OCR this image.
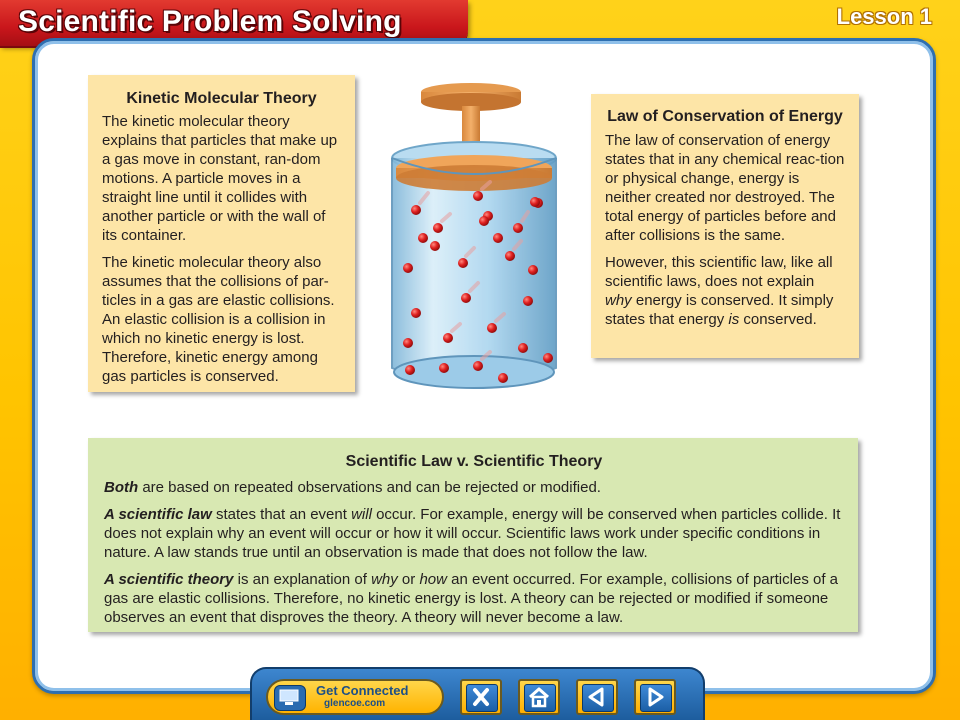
Scientific Problem Solving	Lesson 1
Kinetic Molecular Theory

The kinetic molecular theory explains that particles that make up a gas move in constant, ran-dom motions. A particle moves in a straight line until it collides with another particle or with the wall of its container.

The kinetic molecular theory also assumes that the collisions of par-ticles in a gas are elastic collisions. An elastic collision is a collision in which no kinetic energy is lost. Therefore, kinetic energy among gas particles is conserved.

Law of Conservation of Energy

The law of conservation of energy states that in any chemical reac-tion or physical change, energy is neither created nor destroyed. The total energy of particles before and after collisions is the same.

However, this scientific law, like all scientific laws, does not explain why energy is conserved. It simply states that energy is conserved.

Scientific Law v. Scientific Theory

Both are based on repeated observations and can be rejected or modified.

A scientific law states that an event will occur. For example, energy will be conserved when particles collide. It does not explain why an event will occur or how it will occur. Scientific laws work under specific conditions in nature. A law stands true until an observation is made that does not follow the law.

A scientific theory is an explanation of why or how an event occurred. For example, collisions of particles of a gas are elastic collisions. Therefore, no kinetic energy is lost. A theory can be rejected or modified if someone observes an event that disproves the theory. A theory will never become a law.

Get Connected
glencoe.com
